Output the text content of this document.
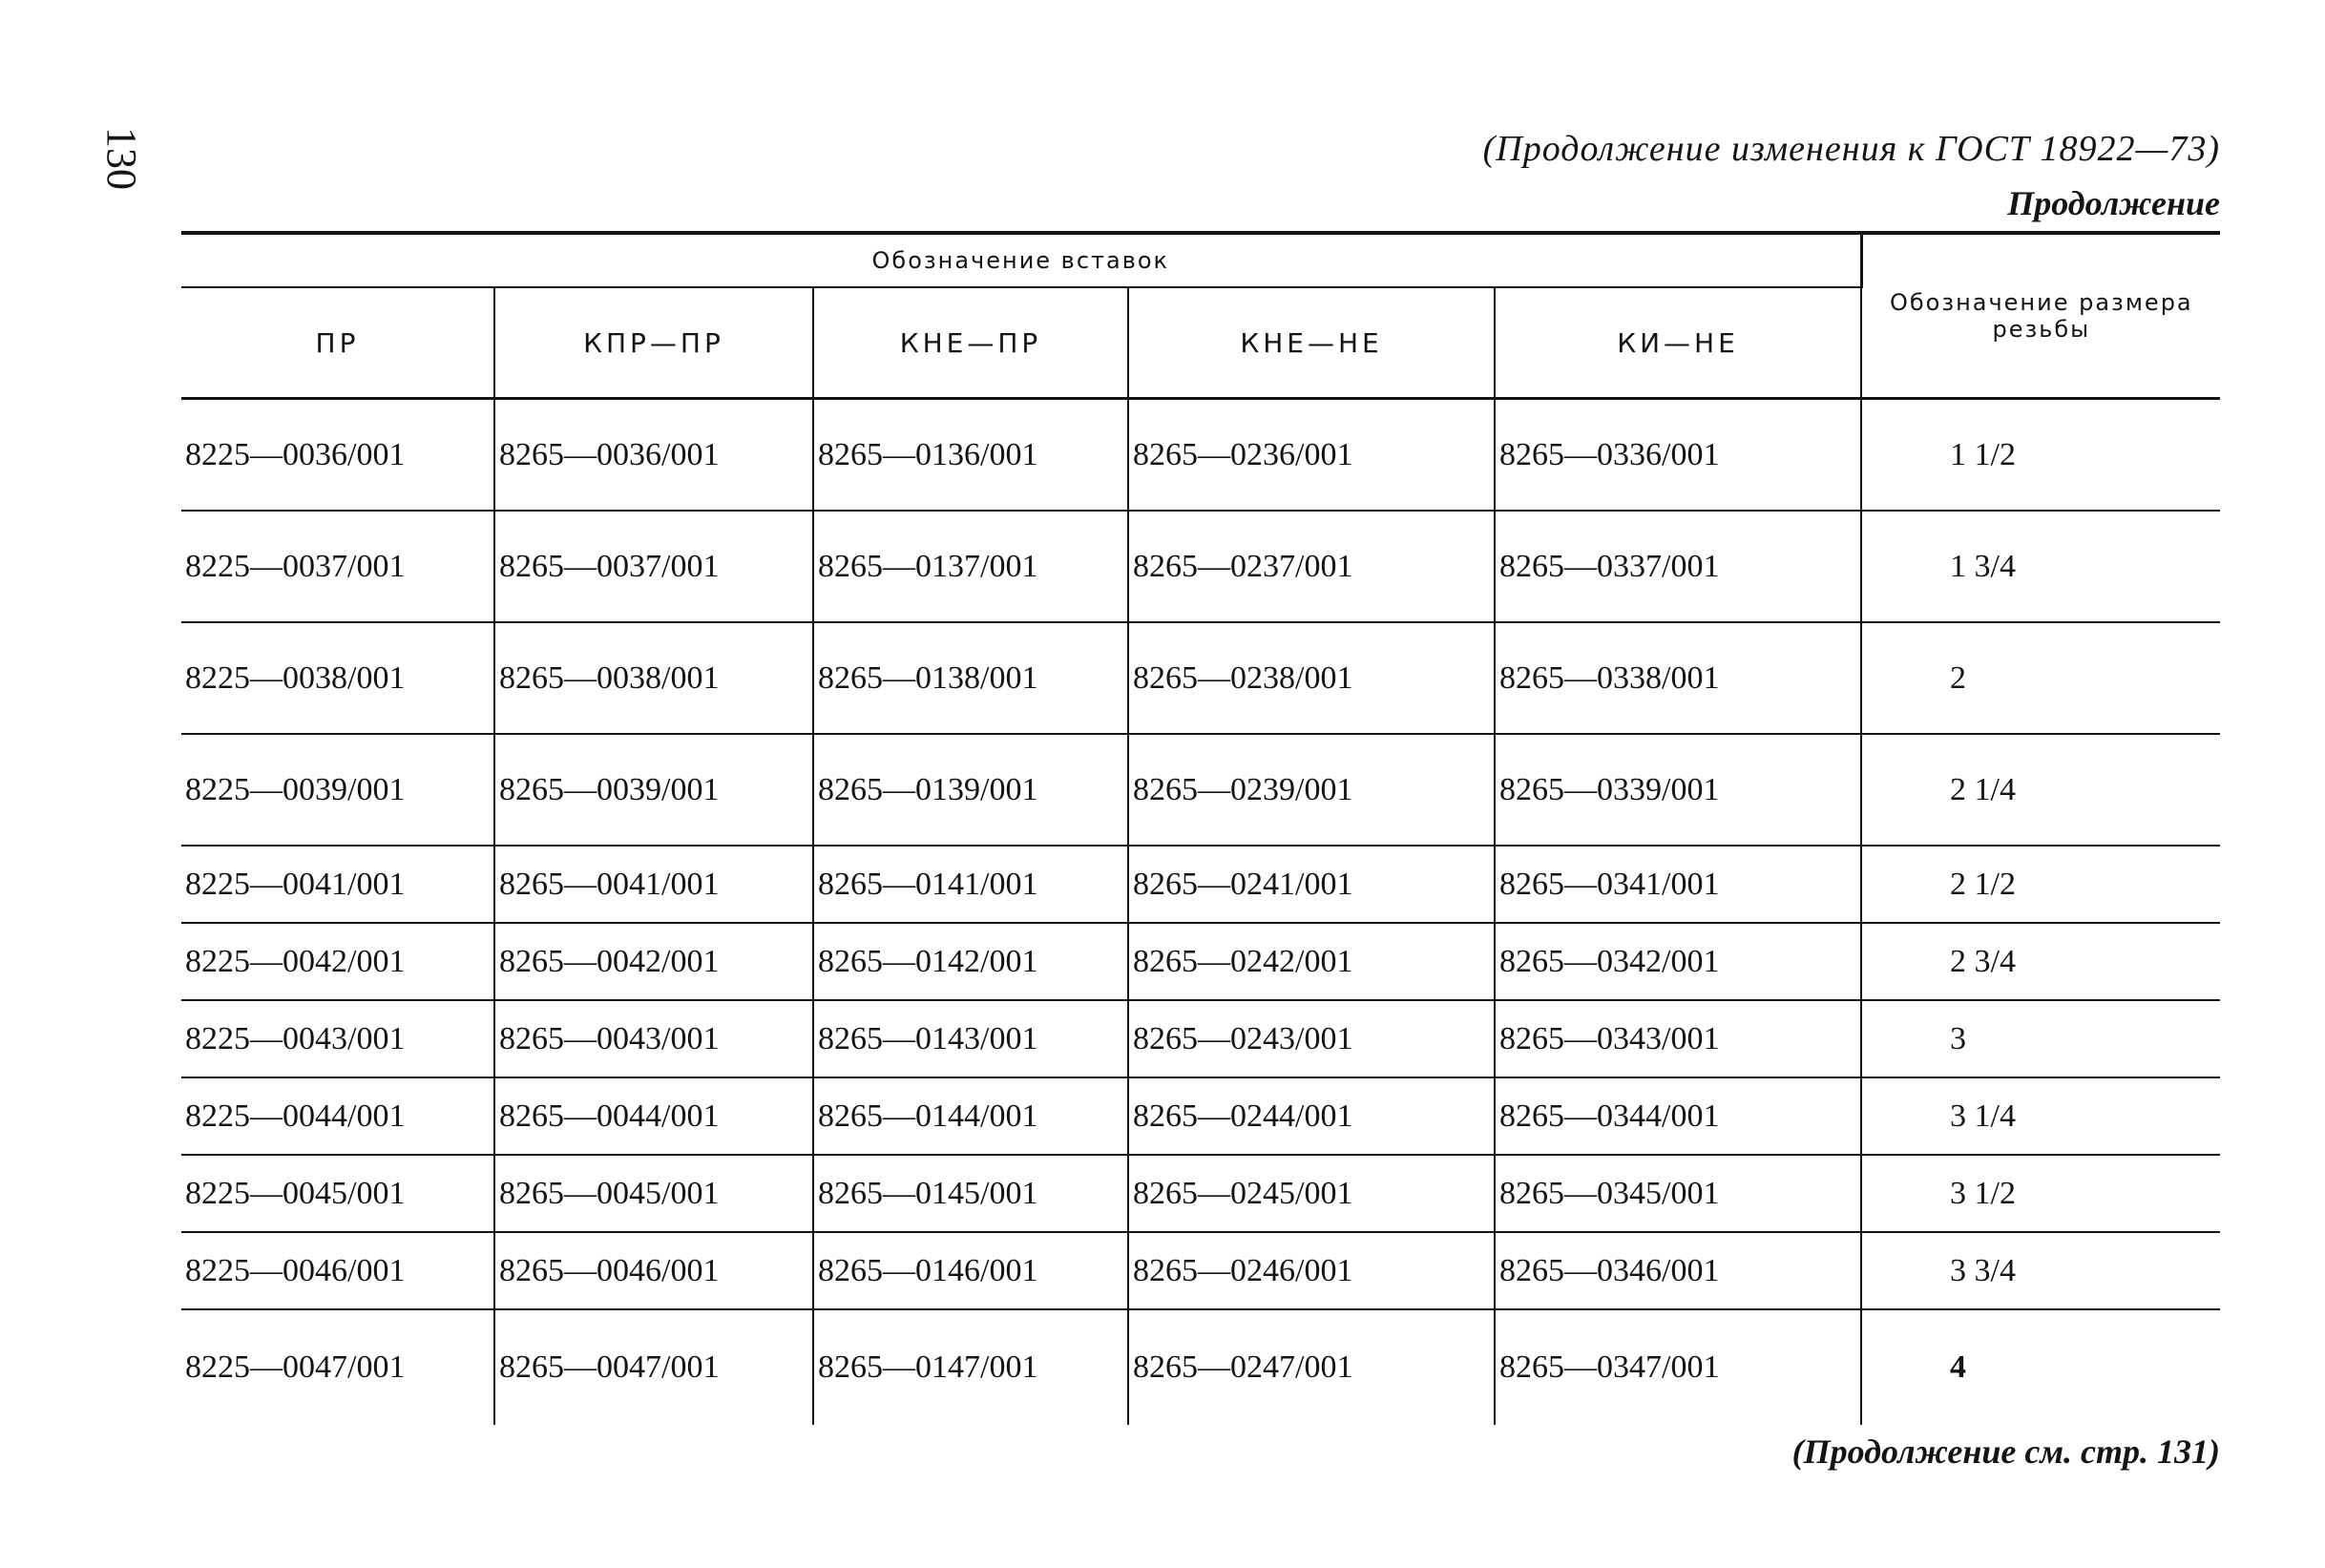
130	(Продолжение изменения к ГОСТ 18922—73)
Продолжение
Обозначение вставок					Обозначение размера резьбы
ПР	КПР—ПР	КНЕ—ПР	КНЕ—НЕ	КИ—НЕ	
8225—0036/001	8265—0036/001	8265—0136/001	8265—0236/001	8265—0336/001	1 1/2
8225—0037/001	8265—0037/001	8265—0137/001	8265—0237/001	8265—0337/001	1 3/4
8225—0038/001	8265—0038/001	8265—0138/001	8265—0238/001	8265—0338/001	2
8225—0039/001	8265—0039/001	8265—0139/001	8265—0239/001	8265—0339/001	2 1/4
8225—0041/001	8265—0041/001	8265—0141/001	8265—0241/001	8265—0341/001	2 1/2
8225—0042/001	8265—0042/001	8265—0142/001	8265—0242/001	8265—0342/001	2 3/4
8225—0043/001	8265—0043/001	8265—0143/001	8265—0243/001	8265—0343/001	3
8225—0044/001	8265—0044/001	8265—0144/001	8265—0244/001	8265—0344/001	3 1/4
8225—0045/001	8265—0045/001	8265—0145/001	8265—0245/001	8265—0345/001	3 1/2
8225—0046/001	8265—0046/001	8265—0146/001	8265—0246/001	8265—0346/001	3 3/4
8225—0047/001	8265—0047/001	8265—0147/001	8265—0247/001	8265—0347/001	4
(Продолжение см. стр. 131)
